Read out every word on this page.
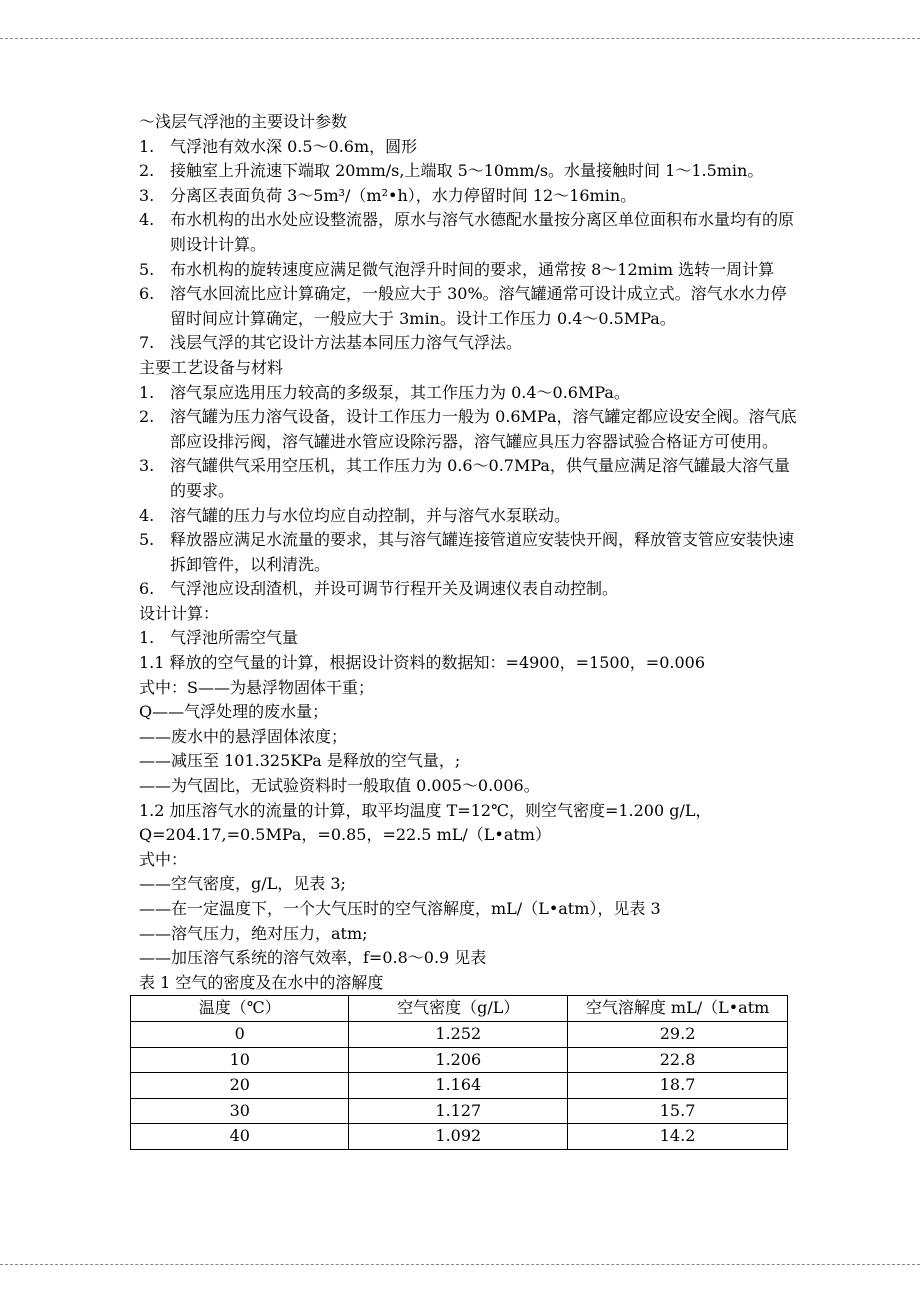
～浅层气浮池的主要设计参数
1. 气浮池有效水深 0.5～0.6m，圆形
2. 接触室上升流速下端取 20mm/s,上端取 5～10mm/s。水量接触时间 1～1.5min。
3. 分离区表面负荷 3～5m³/（m²•h），水力停留时间 12～16min。
4. 布水机构的出水处应设整流器，原水与溶气水德配水量按分离区单位面积布水量均有的原则设计计算。
5. 布水机构的旋转速度应满足微气泡浮升时间的要求，通常按 8～12mim 选转一周计算
6. 溶气水回流比应计算确定，一般应大于 30%。溶气罐通常可设计成立式。溶气水水力停留时间应计算确定，一般应大于 3min。设计工作压力 0.4～0.5MPa。
7. 浅层气浮的其它设计方法基本同压力溶气气浮法。
主要工艺设备与材料
1. 溶气泵应选用压力较高的多级泵，其工作压力为 0.4～0.6MPa。
2. 溶气罐为压力溶气设备，设计工作压力一般为 0.6MPa，溶气罐定都应设安全阀。溶气底部应设排污阀，溶气罐进水管应设除污器，溶气罐应具压力容器试验合格证方可使用。
3. 溶气罐供气采用空压机，其工作压力为 0.6～0.7MPa，供气量应满足溶气罐最大溶气量的要求。
4. 溶气罐的压力与水位均应自动控制，并与溶气水泵联动。
5. 释放器应满足水流量的要求，其与溶气罐连接管道应安装快开阀，释放管支管应安装快速拆卸管件，以利清洗。
6. 气浮池应设刮渣机，并设可调节行程开关及调速仪表自动控制。
设计计算：
1. 气浮池所需空气量
1.1 释放的空气量的计算，根据设计资料的数据知：=4900，=1500，=0.006
式中：S——为悬浮物固体干重；
Q——气浮处理的废水量；
——废水中的悬浮固体浓度；
——减压至 101.325KPa 是释放的空气量，;
——为气固比，无试验资料时一般取值 0.005～0.006。
1.2 加压溶气水的流量的计算，取平均温度 T=12℃，则空气密度=1.200 g/L，
Q=204.17,=0.5MPa，=0.85，=22.5 mL/（L•atm）
式中：
——空气密度，g/L，见表 3;
——在一定温度下，一个大气压时的空气溶解度，mL/（L•atm），见表 3
——溶气压力，绝对压力，atm;
——加压溶气系统的溶气效率，f=0.8～0.9 见表
表 1 空气的密度及在水中的溶解度
温度（℃）	空气密度（g/L）	空气溶解度 mL/（L•atm
0	1.252	29.2
10	1.206	22.8
20	1.164	18.7
30	1.127	15.7
40	1.092	14.2
